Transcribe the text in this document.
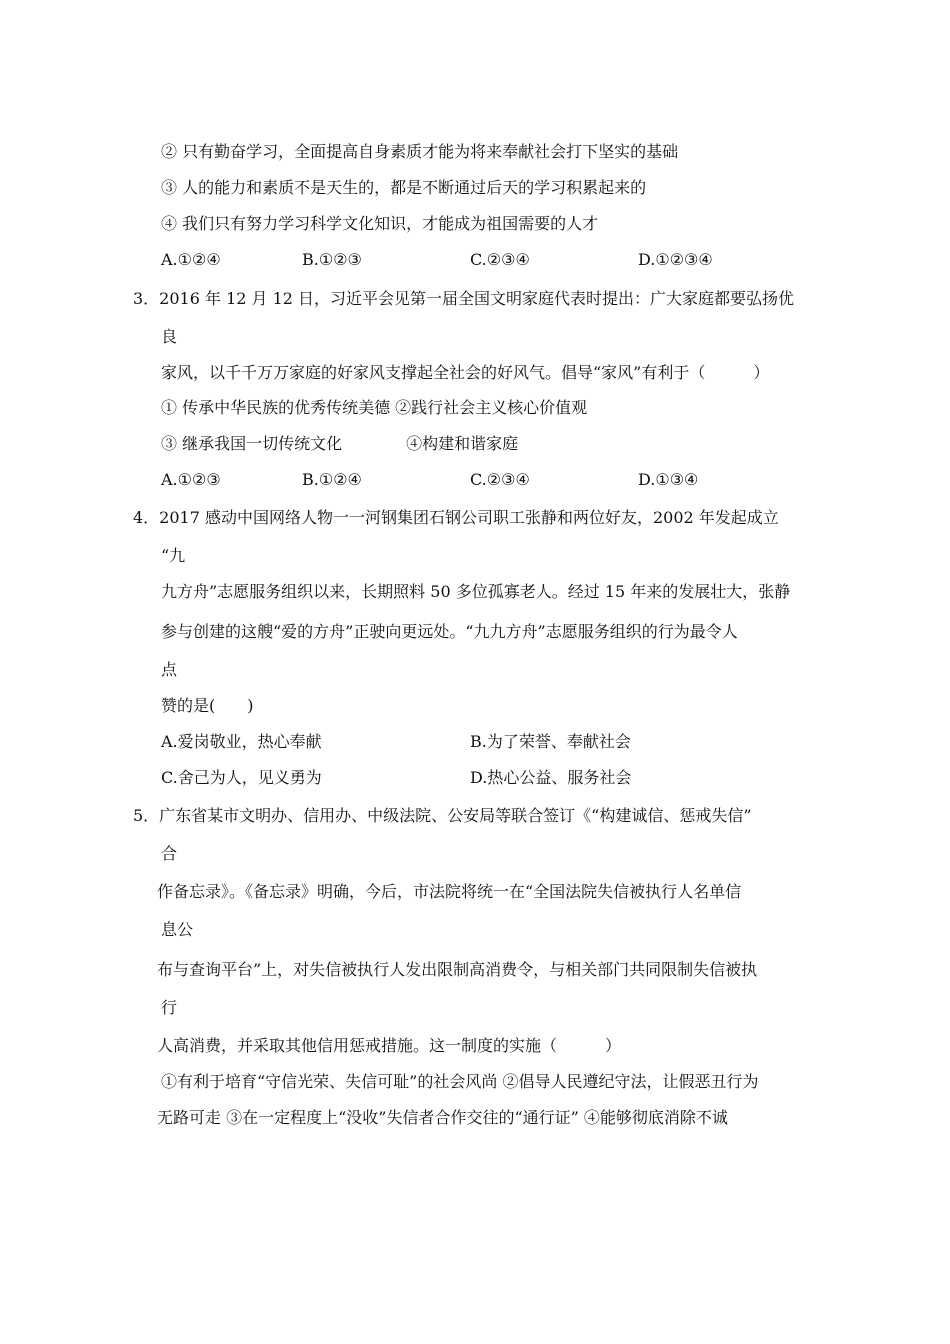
② 只有勤奋学习，全面提高自身素质才能为将来奉献社会打下坚实的基础
③ 人的能力和素质不是天生的，都是不断通过后天的学习积累起来的
④ 我们只有努力学习科学文化知识，才能成为祖国需要的人才
A.①②④	B.①②③	C.②③④	D.①②③④
3．2016 年 12 月 12 日，习近平会见第一届全国文明家庭代表时提出：广大家庭都要弘扬优
良
家风，以千千万万家庭的好家风支撑起全社会的好风气。倡导“家风”有利于（　　　）
① 传承中华民族的优秀传统美德 ②践行社会主义核心价值观
③ 继承我国一切传统文化　　　　④构建和谐家庭
A.①②③	B.①②④	C.②③④	D.①③④
4．2017 感动中国网络人物一一河钢集团石钢公司职工张静和两位好友，2002 年发起成立
“九
九方舟”志愿服务组织以来，长期照料 50 多位孤寡老人。经过 15 年来的发展壮大，张静
参与创建的这艘“爱的方舟”正驶向更远处。“九九方舟”志愿服务组织的行为最令人
点
赞的是(　　)
A.爱岗敬业，热心奉献	B.为了荣誉、奉献社会
C.舍己为人，见义勇为	D.热心公益、服务社会
5．广东省某市文明办、信用办、中级法院、公安局等联合签订《“构建诚信、惩戒失信”
合
作备忘录》。《备忘录》明确，今后，市法院将统一在“全国法院失信被执行人名单信
息公
布与查询平台”上，对失信被执行人发出限制高消费令，与相关部门共同限制失信被执
行
人高消费，并采取其他信用惩戒措施。这一制度的实施（　　　）
①有利于培育“守信光荣、失信可耻”的社会风尚 ②倡导人民遵纪守法，让假恶丑行为
无路可走 ③在一定程度上“没收”失信者合作交往的“通行证” ④能够彻底消除不诚
